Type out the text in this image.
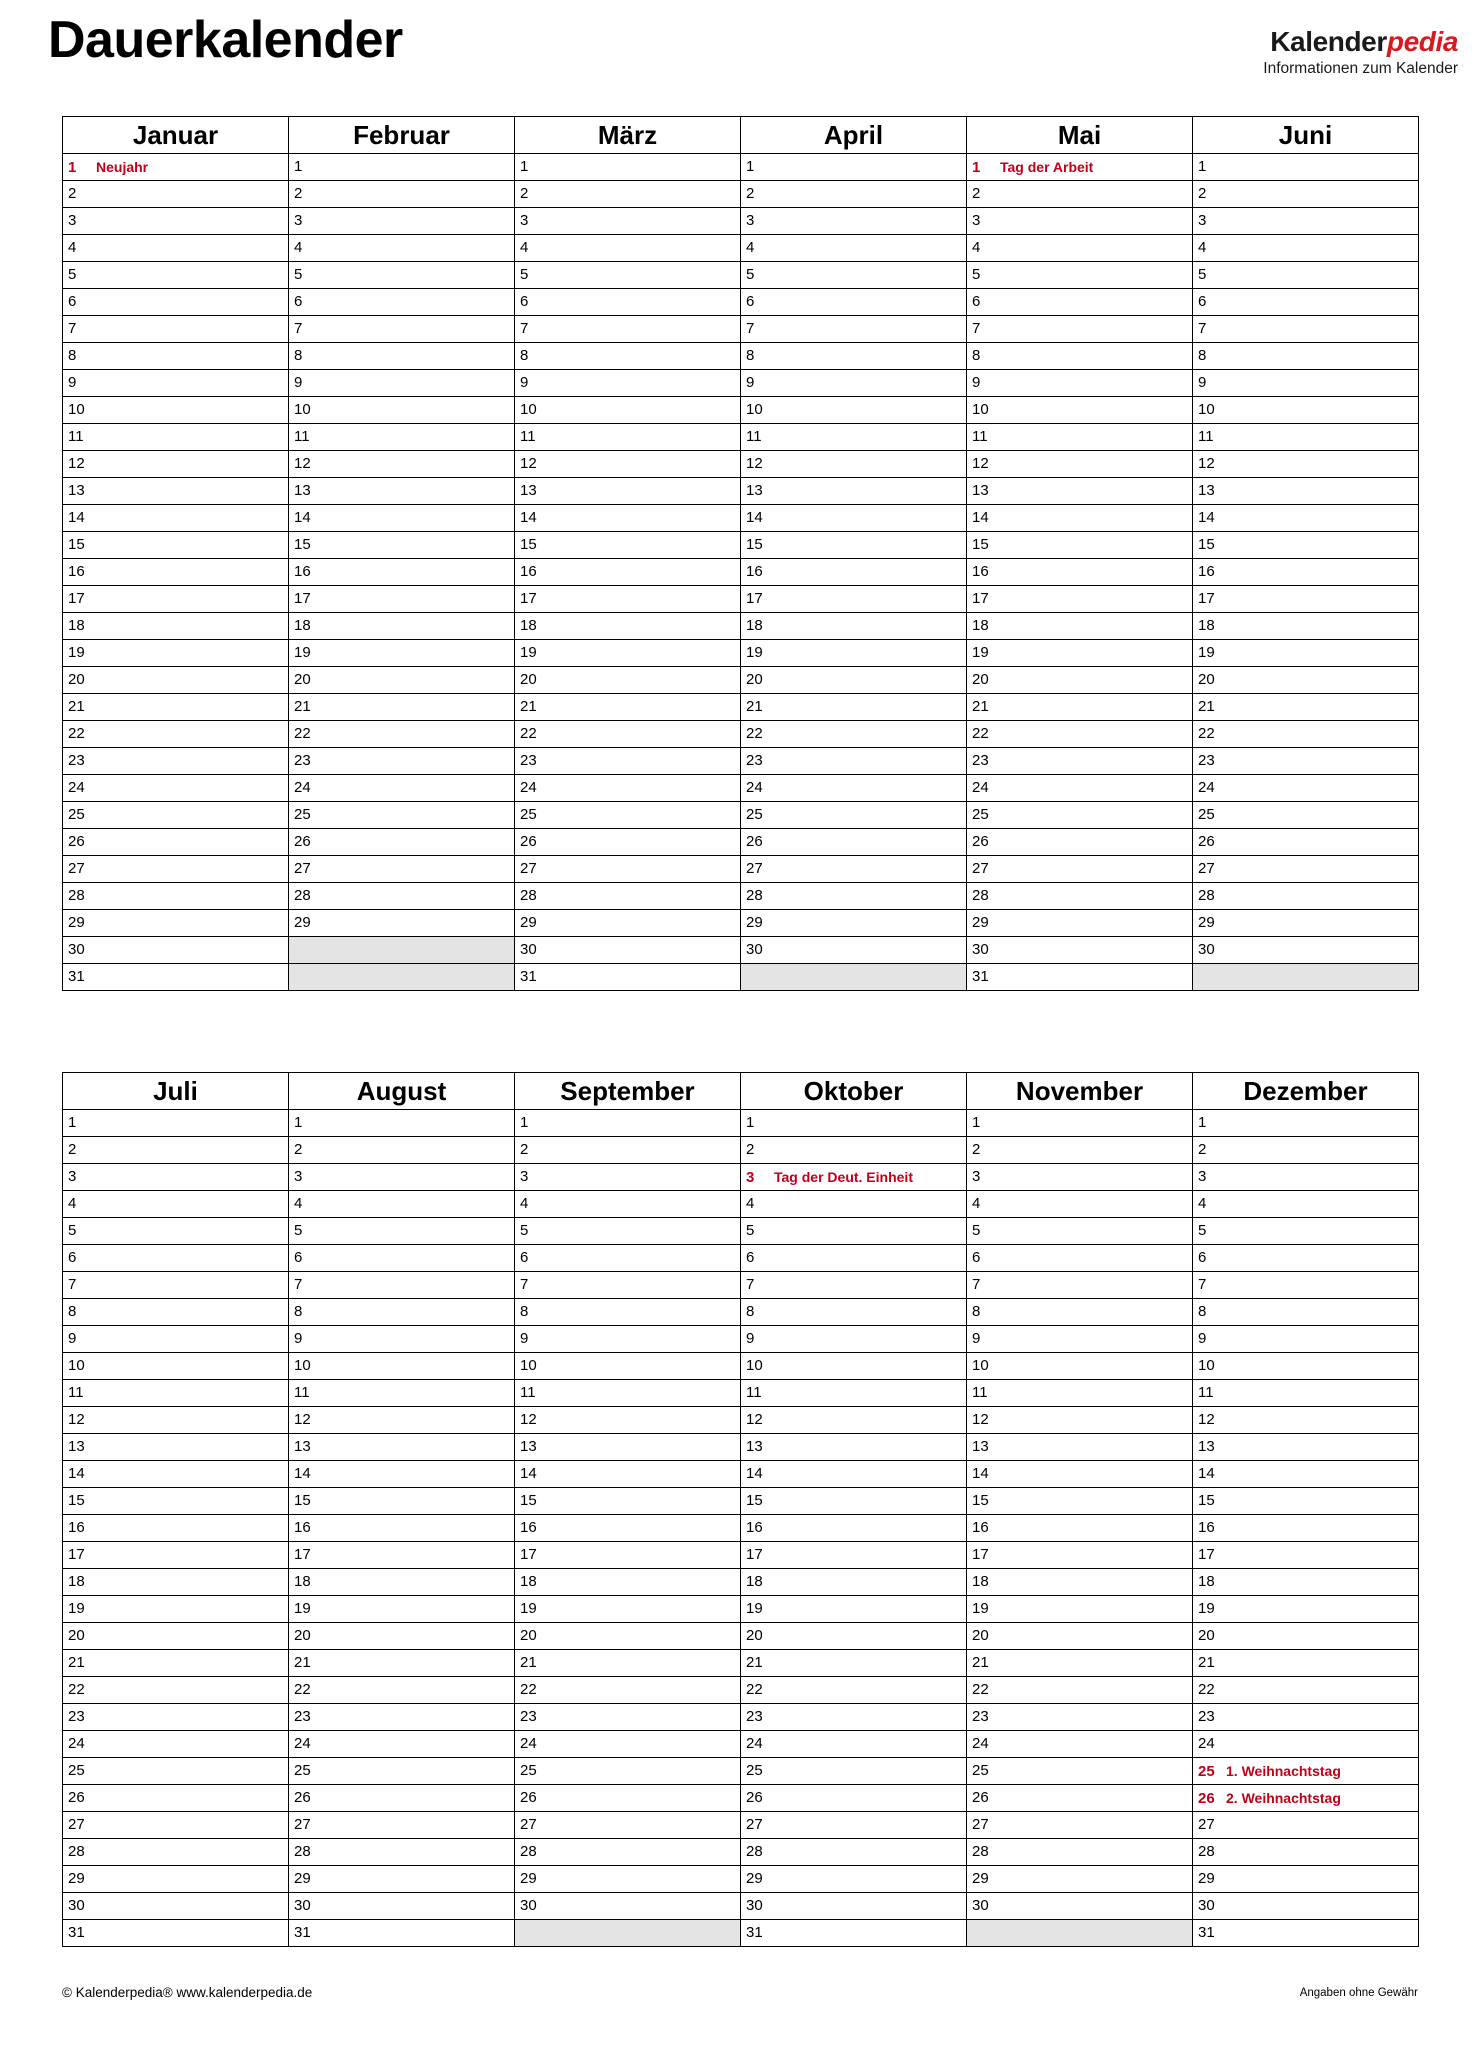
Dauerkalender	Kalenderpedia
Informationen zum Kalender
Januar	Februar	März	April	Mai	Juni

1 Neujahr	1	1	1	1 Tag der Arbeit	1

2	2	2	2	2	2

3	3	3	3	3	3

4	4	4	4	4	4

5	5	5	5	5	5

6	6	6	6	6	6

7	7	7	7	7	7

8	8	8	8	8	8

9	9	9	9	9	9

10	10	10	10	10	10

11	11	11	11	11	11

12	12	12	12	12	12

13	13	13	13	13	13

14	14	14	14	14	14

15	15	15	15	15	15

16	16	16	16	16	16

17	17	17	17	17	17

18	18	18	18	18	18

19	19	19	19	19	19

20	20	20	20	20	20

21	21	21	21	21	21

22	22	22	22	22	22

23	23	23	23	23	23

24	24	24	24	24	24

25	25	25	25	25	25

26	26	26	26	26	26

27	27	27	27	27	27

28	28	28	28	28	28

29	29	29	29	29	29

30		30	30	30	30

31		31		31	

Juli	August	September	Oktober	November	Dezember

1	1	1	1	1	1

2	2	2	2	2	2

3	3	3	3 Tag der Deut. Einheit	3	3

4	4	4	4	4	4

5	5	5	5	5	5

6	6	6	6	6	6

7	7	7	7	7	7

8	8	8	8	8	8

9	9	9	9	9	9

10	10	10	10	10	10

11	11	11	11	11	11

12	12	12	12	12	12

13	13	13	13	13	13

14	14	14	14	14	14

15	15	15	15	15	15

16	16	16	16	16	16

17	17	17	17	17	17

18	18	18	18	18	18

19	19	19	19	19	19

20	20	20	20	20	20

21	21	21	21	21	21

22	22	22	22	22	22

23	23	23	23	23	23

24	24	24	24	24	24

25	25	25	25	25	25 1. Weihnachtstag

26	26	26	26	26	26 2. Weihnachtstag

27	27	27	27	27	27

28	28	28	28	28	28

29	29	29	29	29	29

30	30	30	30	30	30

31	31		31		31
© Kalenderpedia® www.kalenderpedia.de	Angaben ohne Gewähr
